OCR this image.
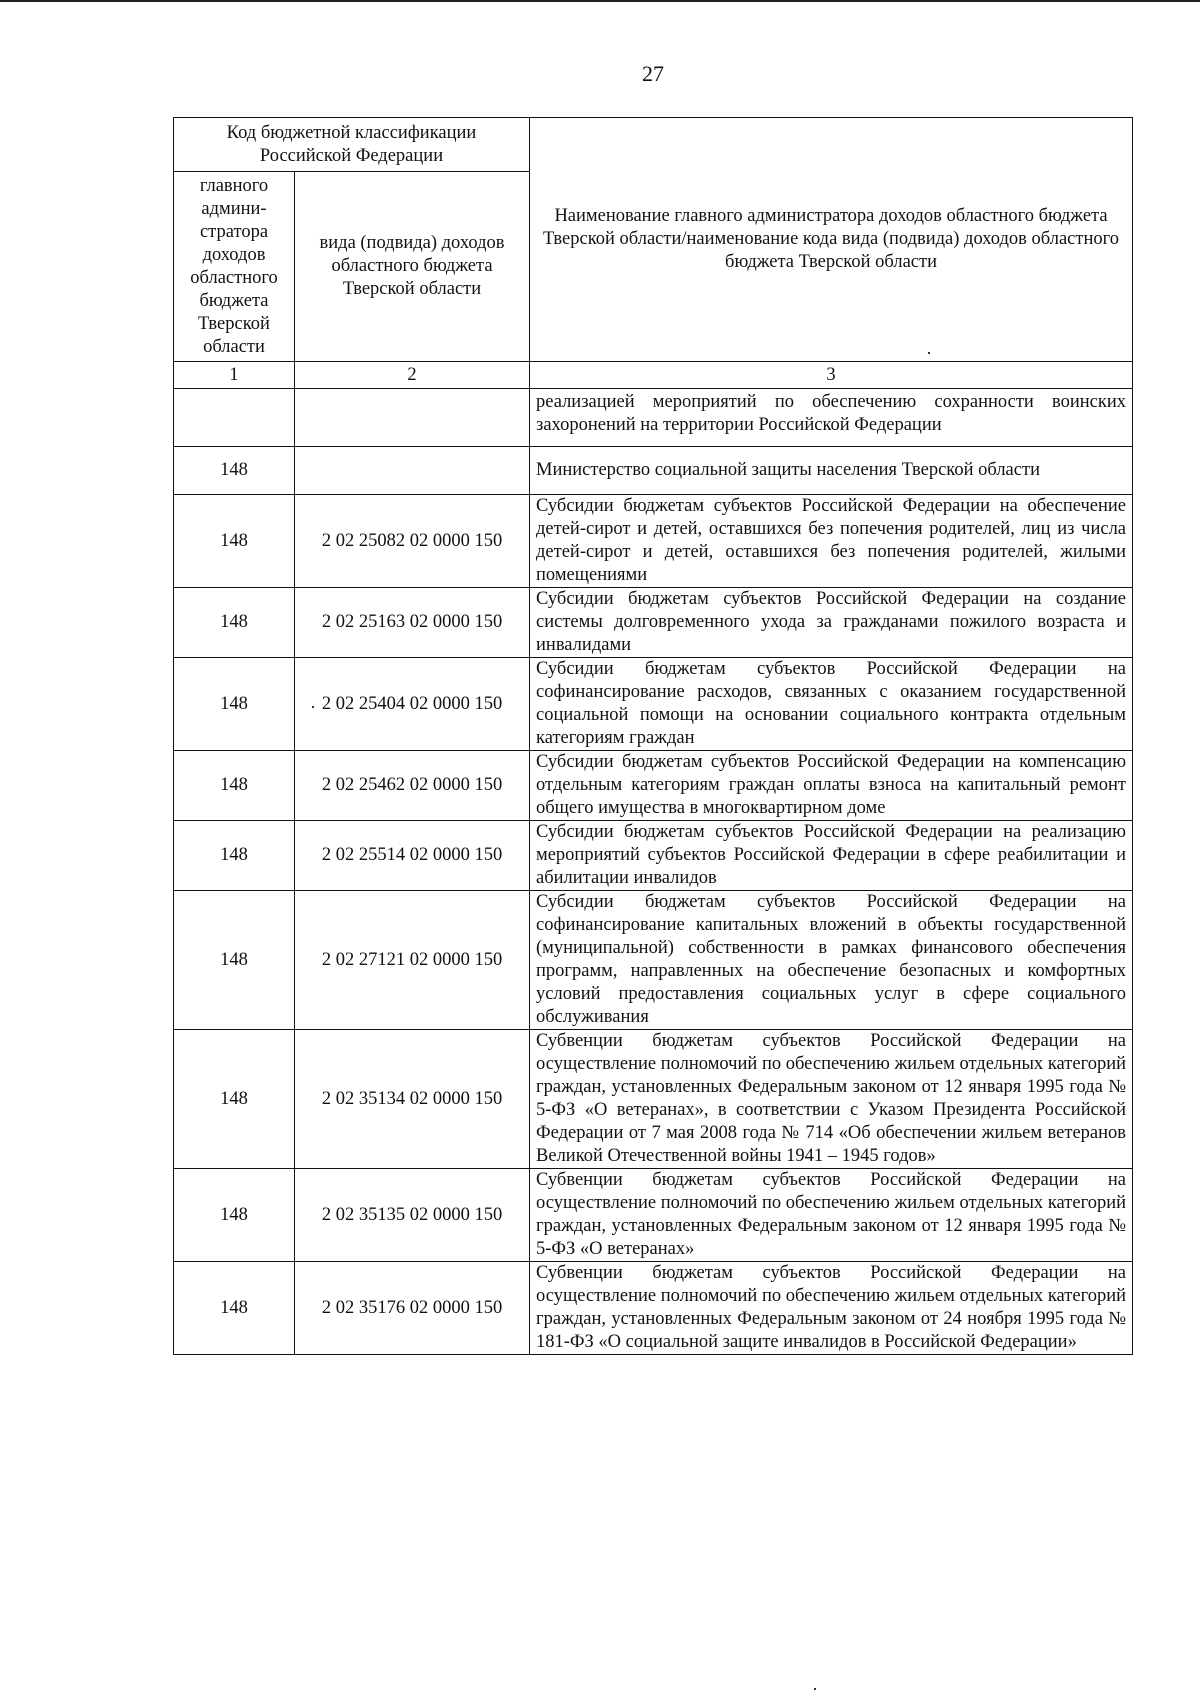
27
Код бюджетной классификации Российской Федерации		Наименование главного администратора доходов областного бюджета Тверской области/наименование кода вида (подвида) доходов областного бюджета Тверской области
главного админи-стратора доходов областного бюджета Тверской области	вида (подвида) доходов областного бюджета Тверской области	
1	2	3
		реализацией мероприятий по обеспечению сохранности воинских захоронений на территории Российской Федерации
148		Министерство социальной защиты населения Тверской области
148	2 02 25082 02 0000 150	Субсидии бюджетам субъектов Российской Федерации на обеспечение детей-сирот и детей, оставшихся без попечения родителей, лиц из числа детей-сирот и детей, оставшихся без попечения родителей, жилыми помещениями
148	2 02 25163 02 0000 150	Субсидии бюджетам субъектов Российской Федерации на создание системы долговременного ухода за гражданами пожилого возраста и инвалидами
148	2 02 25404 02 0000 150	Субсидии бюджетам субъектов Российской Федерации на софинансирование расходов, связанных с оказанием государственной социальной помощи на основании социального контракта отдельным категориям граждан
148	2 02 25462 02 0000 150	Субсидии бюджетам субъектов Российской Федерации на компенсацию отдельным категориям граждан оплаты взноса на капитальный ремонт общего имущества в многоквартирном доме
148	2 02 25514 02 0000 150	Субсидии бюджетам субъектов Российской Федерации на реализацию мероприятий субъектов Российской Федерации в сфере реабилитации и абилитации инвалидов
148	2 02 27121 02 0000 150	Субсидии бюджетам субъектов Российской Федерации на софинансирование капитальных вложений в объекты государственной (муниципальной) собственности в рамках финансового обеспечения программ, направленных на обеспечение безопасных и комфортных условий предоставления социальных услуг в сфере социального обслуживания
148	2 02 35134 02 0000 150	Субвенции бюджетам субъектов Российской Федерации на осуществление полномочий по обеспечению жильем отдельных категорий граждан, установленных Федеральным законом от 12 января 1995 года № 5-ФЗ «О ветеранах», в соответствии с Указом Президента Российской Федерации от 7 мая 2008 года № 714 «Об обеспечении жильем ветеранов Великой Отечественной войны 1941 – 1945 годов»
148	2 02 35135 02 0000 150	Субвенции бюджетам субъектов Российской Федерации на осуществление полномочий по обеспечению жильем отдельных категорий граждан, установленных Федеральным законом от 12 января 1995 года № 5-ФЗ «О ветеранах»
148	2 02 35176 02 0000 150	Субвенции бюджетам субъектов Российской Федерации на осуществление полномочий по обеспечению жильем отдельных категорий граждан, установленных Федеральным законом от 24 ноября 1995 года № 181-ФЗ «О социальной защите инвалидов в Российской Федерации»
